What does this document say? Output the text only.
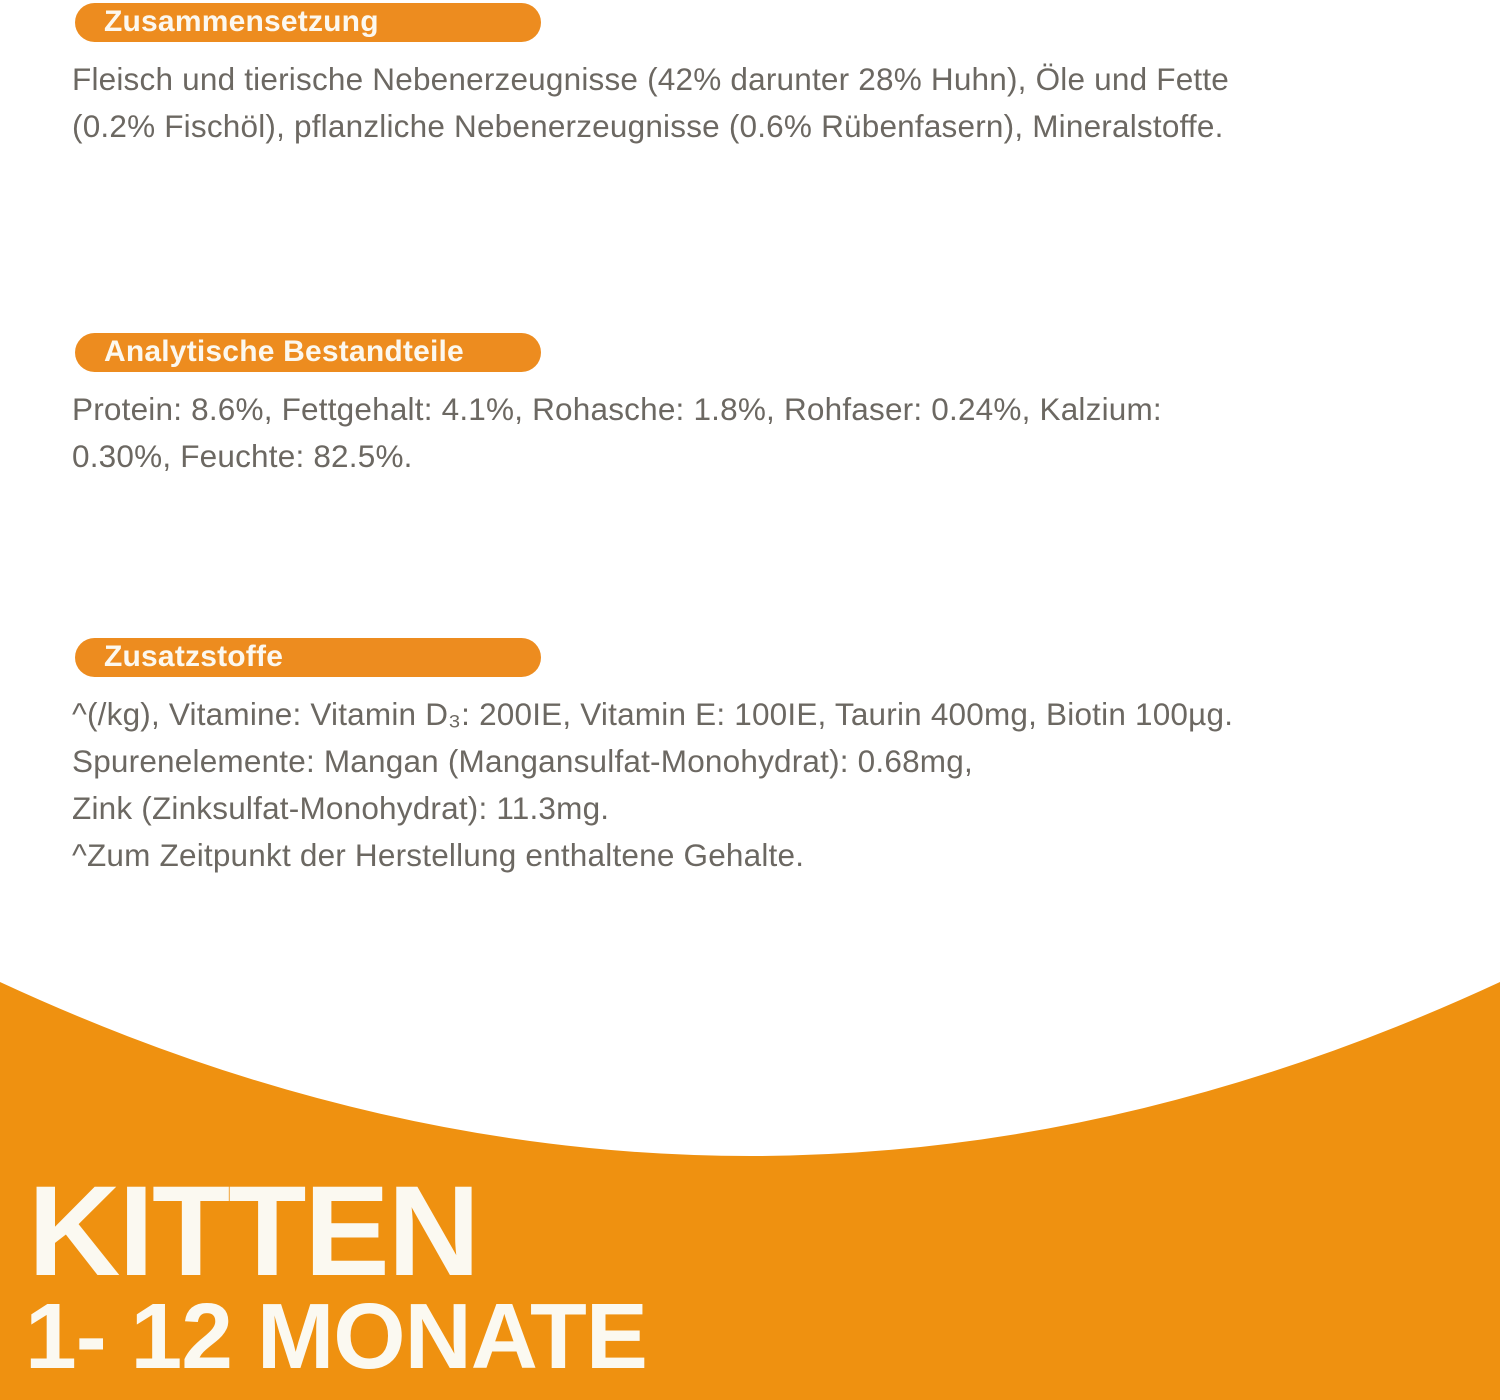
Zusammensetzung
Fleisch und tierische Nebenerzeugnisse (42% darunter 28% Huhn), Öle und Fette
(0.2% Fischöl), pflanzliche Nebenerzeugnisse (0.6% Rübenfasern), Mineralstoffe.
Analytische Bestandteile
Protein: 8.6%, Fettgehalt: 4.1%, Rohasche: 1.8%, Rohfaser: 0.24%, Kalzium:
0.30%, Feuchte: 82.5%.
Zusatzstoffe
^(/kg), Vitamine: Vitamin D₃: 200IE, Vitamin E: 100IE, Taurin 400mg, Biotin 100µg.
Spurenelemente: Mangan (Mangansulfat-Monohydrat): 0.68mg,
Zink (Zinksulfat-Monohydrat): 11.3mg.
^Zum Zeitpunkt der Herstellung enthaltene Gehalte.
KITTEN
1- 12 MONATE
